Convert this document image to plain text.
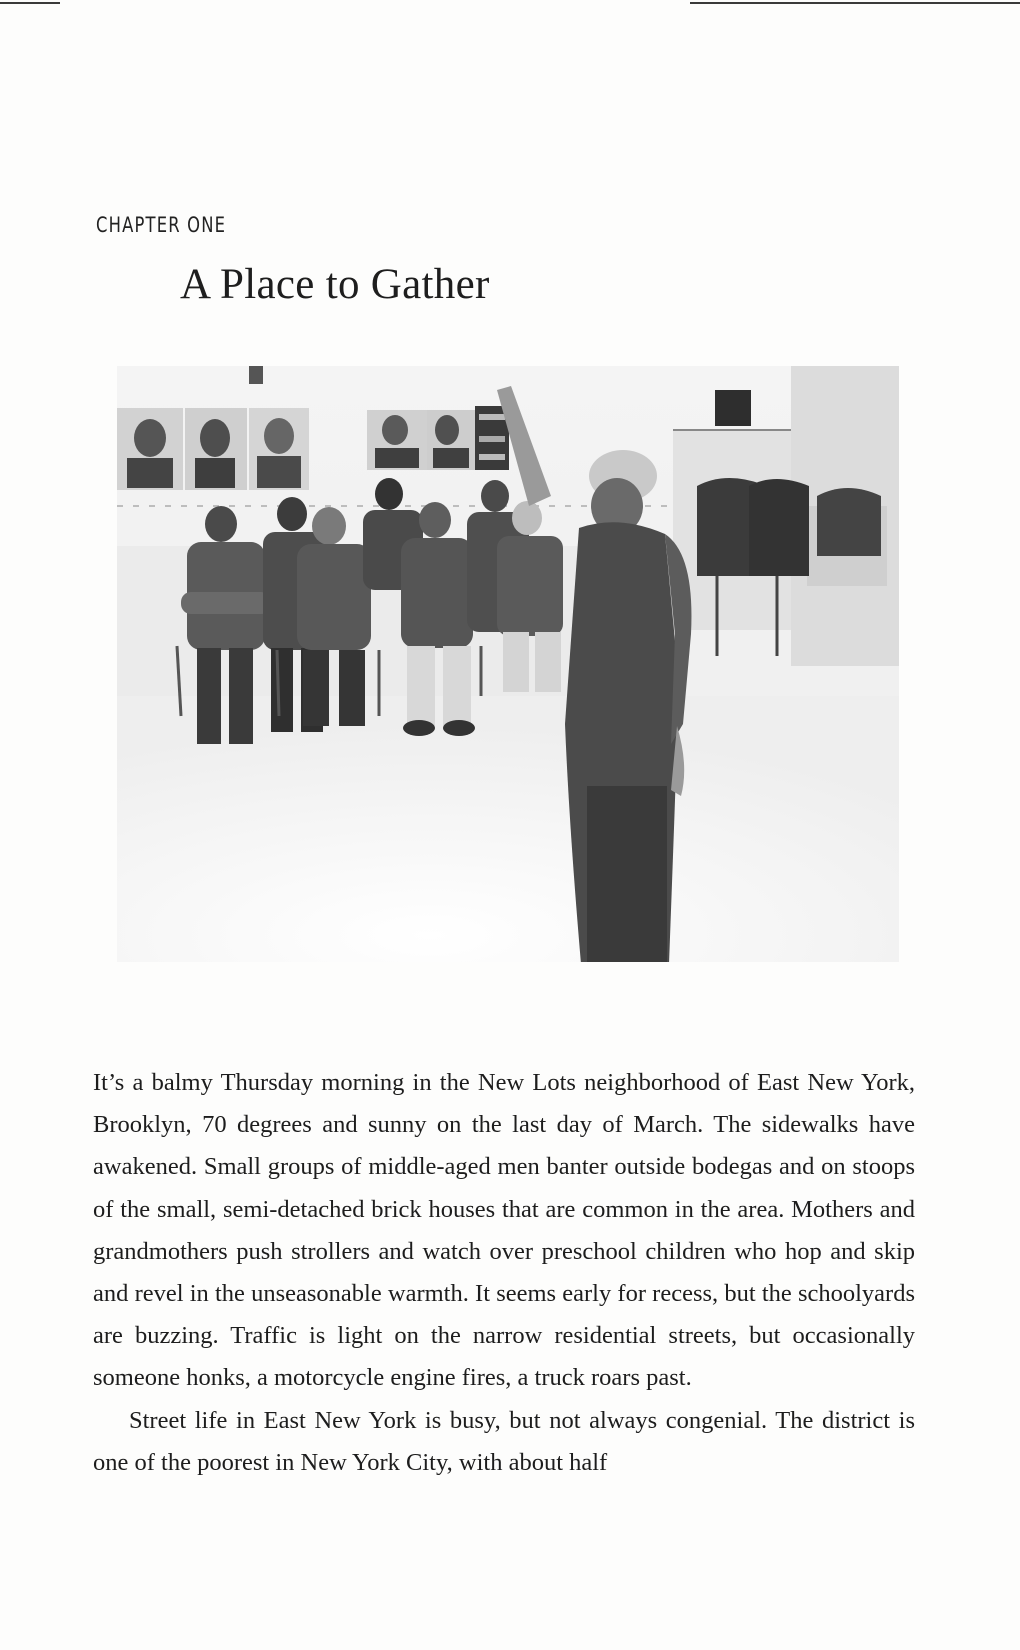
CHAPTER ONE
A Place to Gather

It’s a balmy Thursday morning in the New Lots neighborhood of East New York, Brooklyn, 70 degrees and sunny on the last day of March. The sidewalks have awakened. Small groups of middle-aged men banter outside bodegas and on stoops of the small, semi-detached brick houses that are common in the area. Mothers and grandmothers push strollers and watch over preschool children who hop and skip and revel in the unseasonable warmth. It seems early for recess, but the schoolyards are buzzing. Traffic is light on the narrow residential streets, but occasionally someone honks, a motorcycle engine fires, a truck roars past.

Street life in East New York is busy, but not always congenial. The district is one of the poorest in New York City, with about half
